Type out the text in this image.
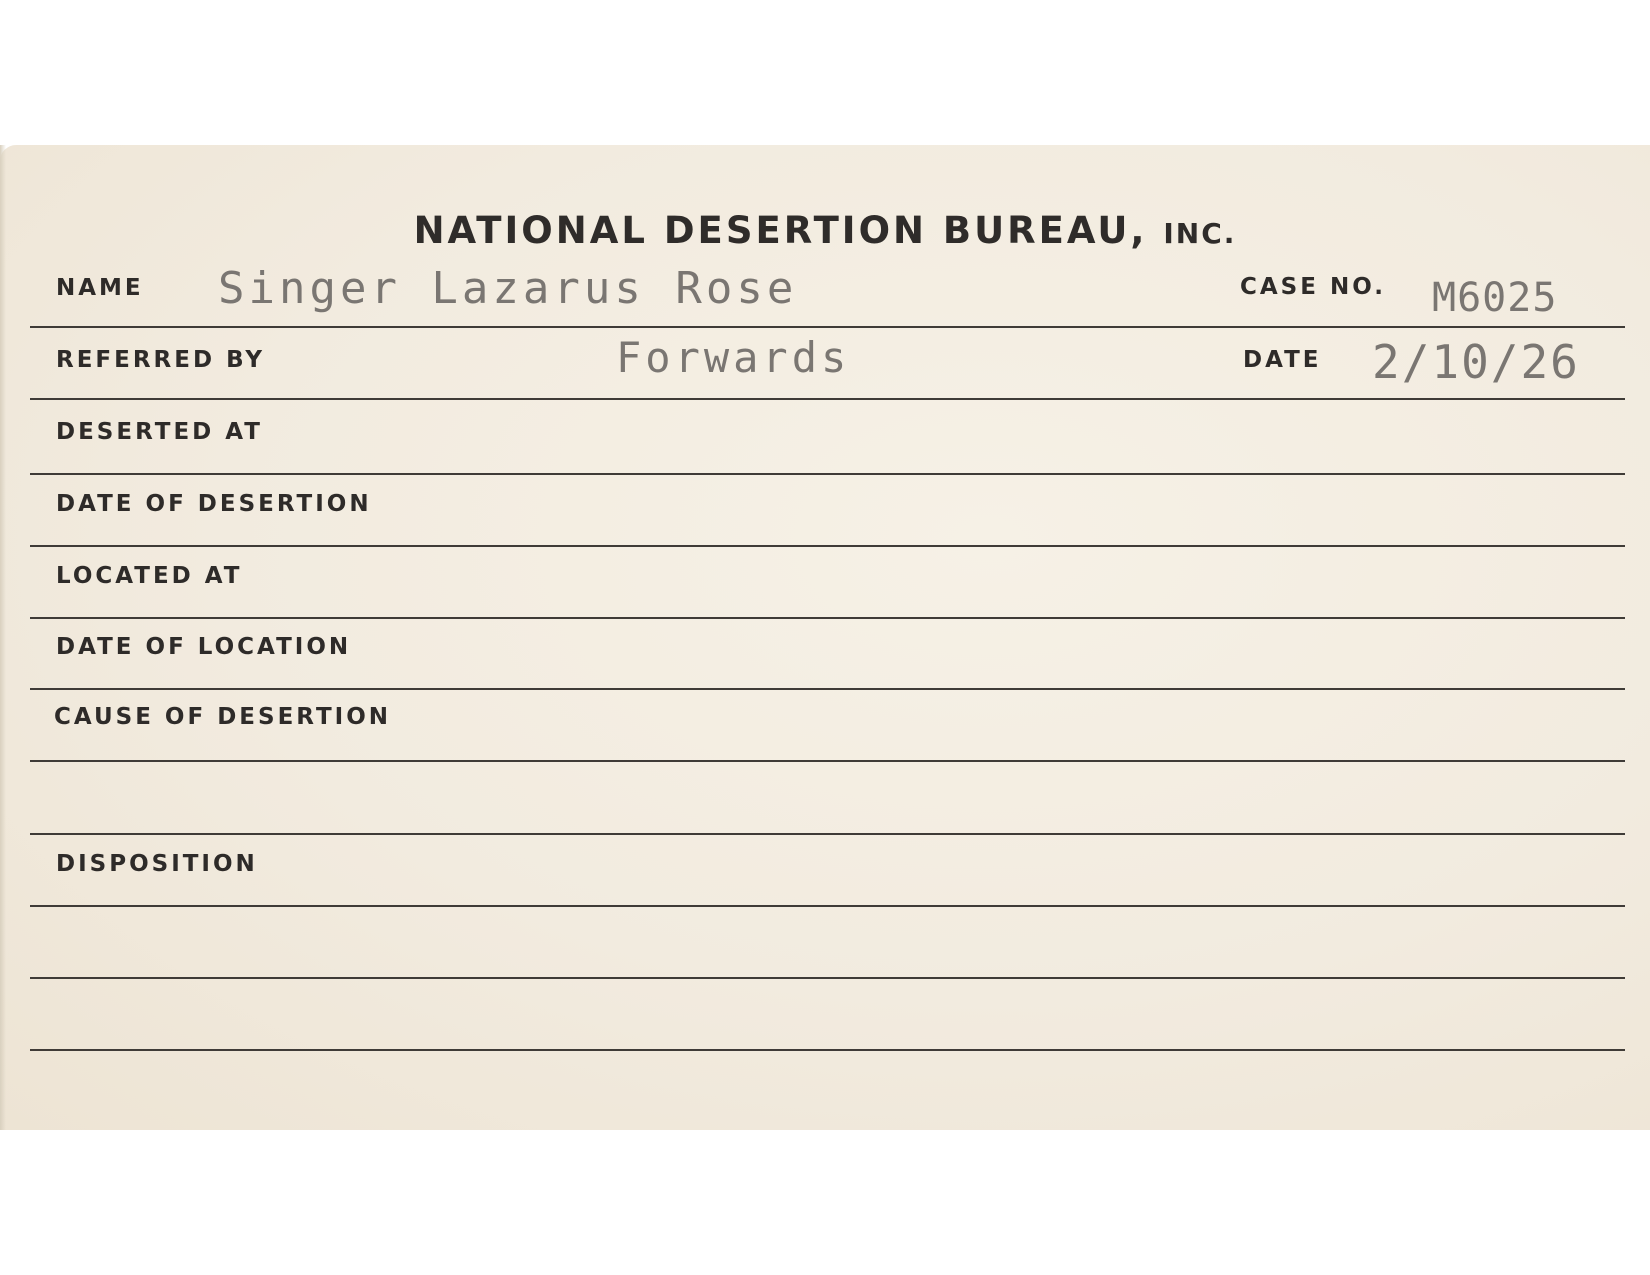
NATIONAL DESERTION BUREAU, INC.
NAME Singer Lazarus Rose	CASE NO. M6025
REFERRED BY	Forwards	DATE 2/10/26
DESERTED AT
DATE OF DESERTION
LOCATED AT
DATE OF LOCATION
CAUSE OF DESERTION
DISPOSITION
